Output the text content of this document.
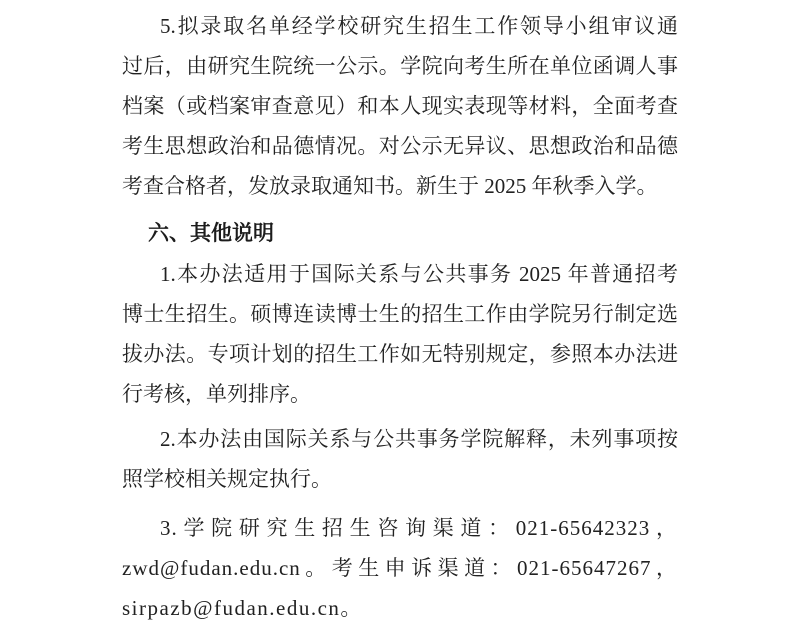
5.拟录取名单经学校研究生招生工作领导小组审议通
过后，由研究生院统一公示。学院向考生所在单位函调人事
档案（或档案审查意见）和本人现实表现等材料，全面考查
考生思想政治和品德情况。对公示无异议、思想政治和品德
考查合格者，发放录取通知书。新生于 2025 年秋季入学。
六、其他说明
1.本办法适用于国际关系与公共事务 2025 年普通招考
博士生招生。硕博连读博士生的招生工作由学院另行制定选
拔办法。专项计划的招生工作如无特别规定，参照本办法进
行考核，单列排序。
2.本办法由国际关系与公共事务学院解释，未列事项按
照学校相关规定执行。
3.学院研究生招生咨询渠道：021-65642323，
zwd@fudan.edu.cn。考生申诉渠道：021-65647267，
sirpazb@fudan.edu.cn。
